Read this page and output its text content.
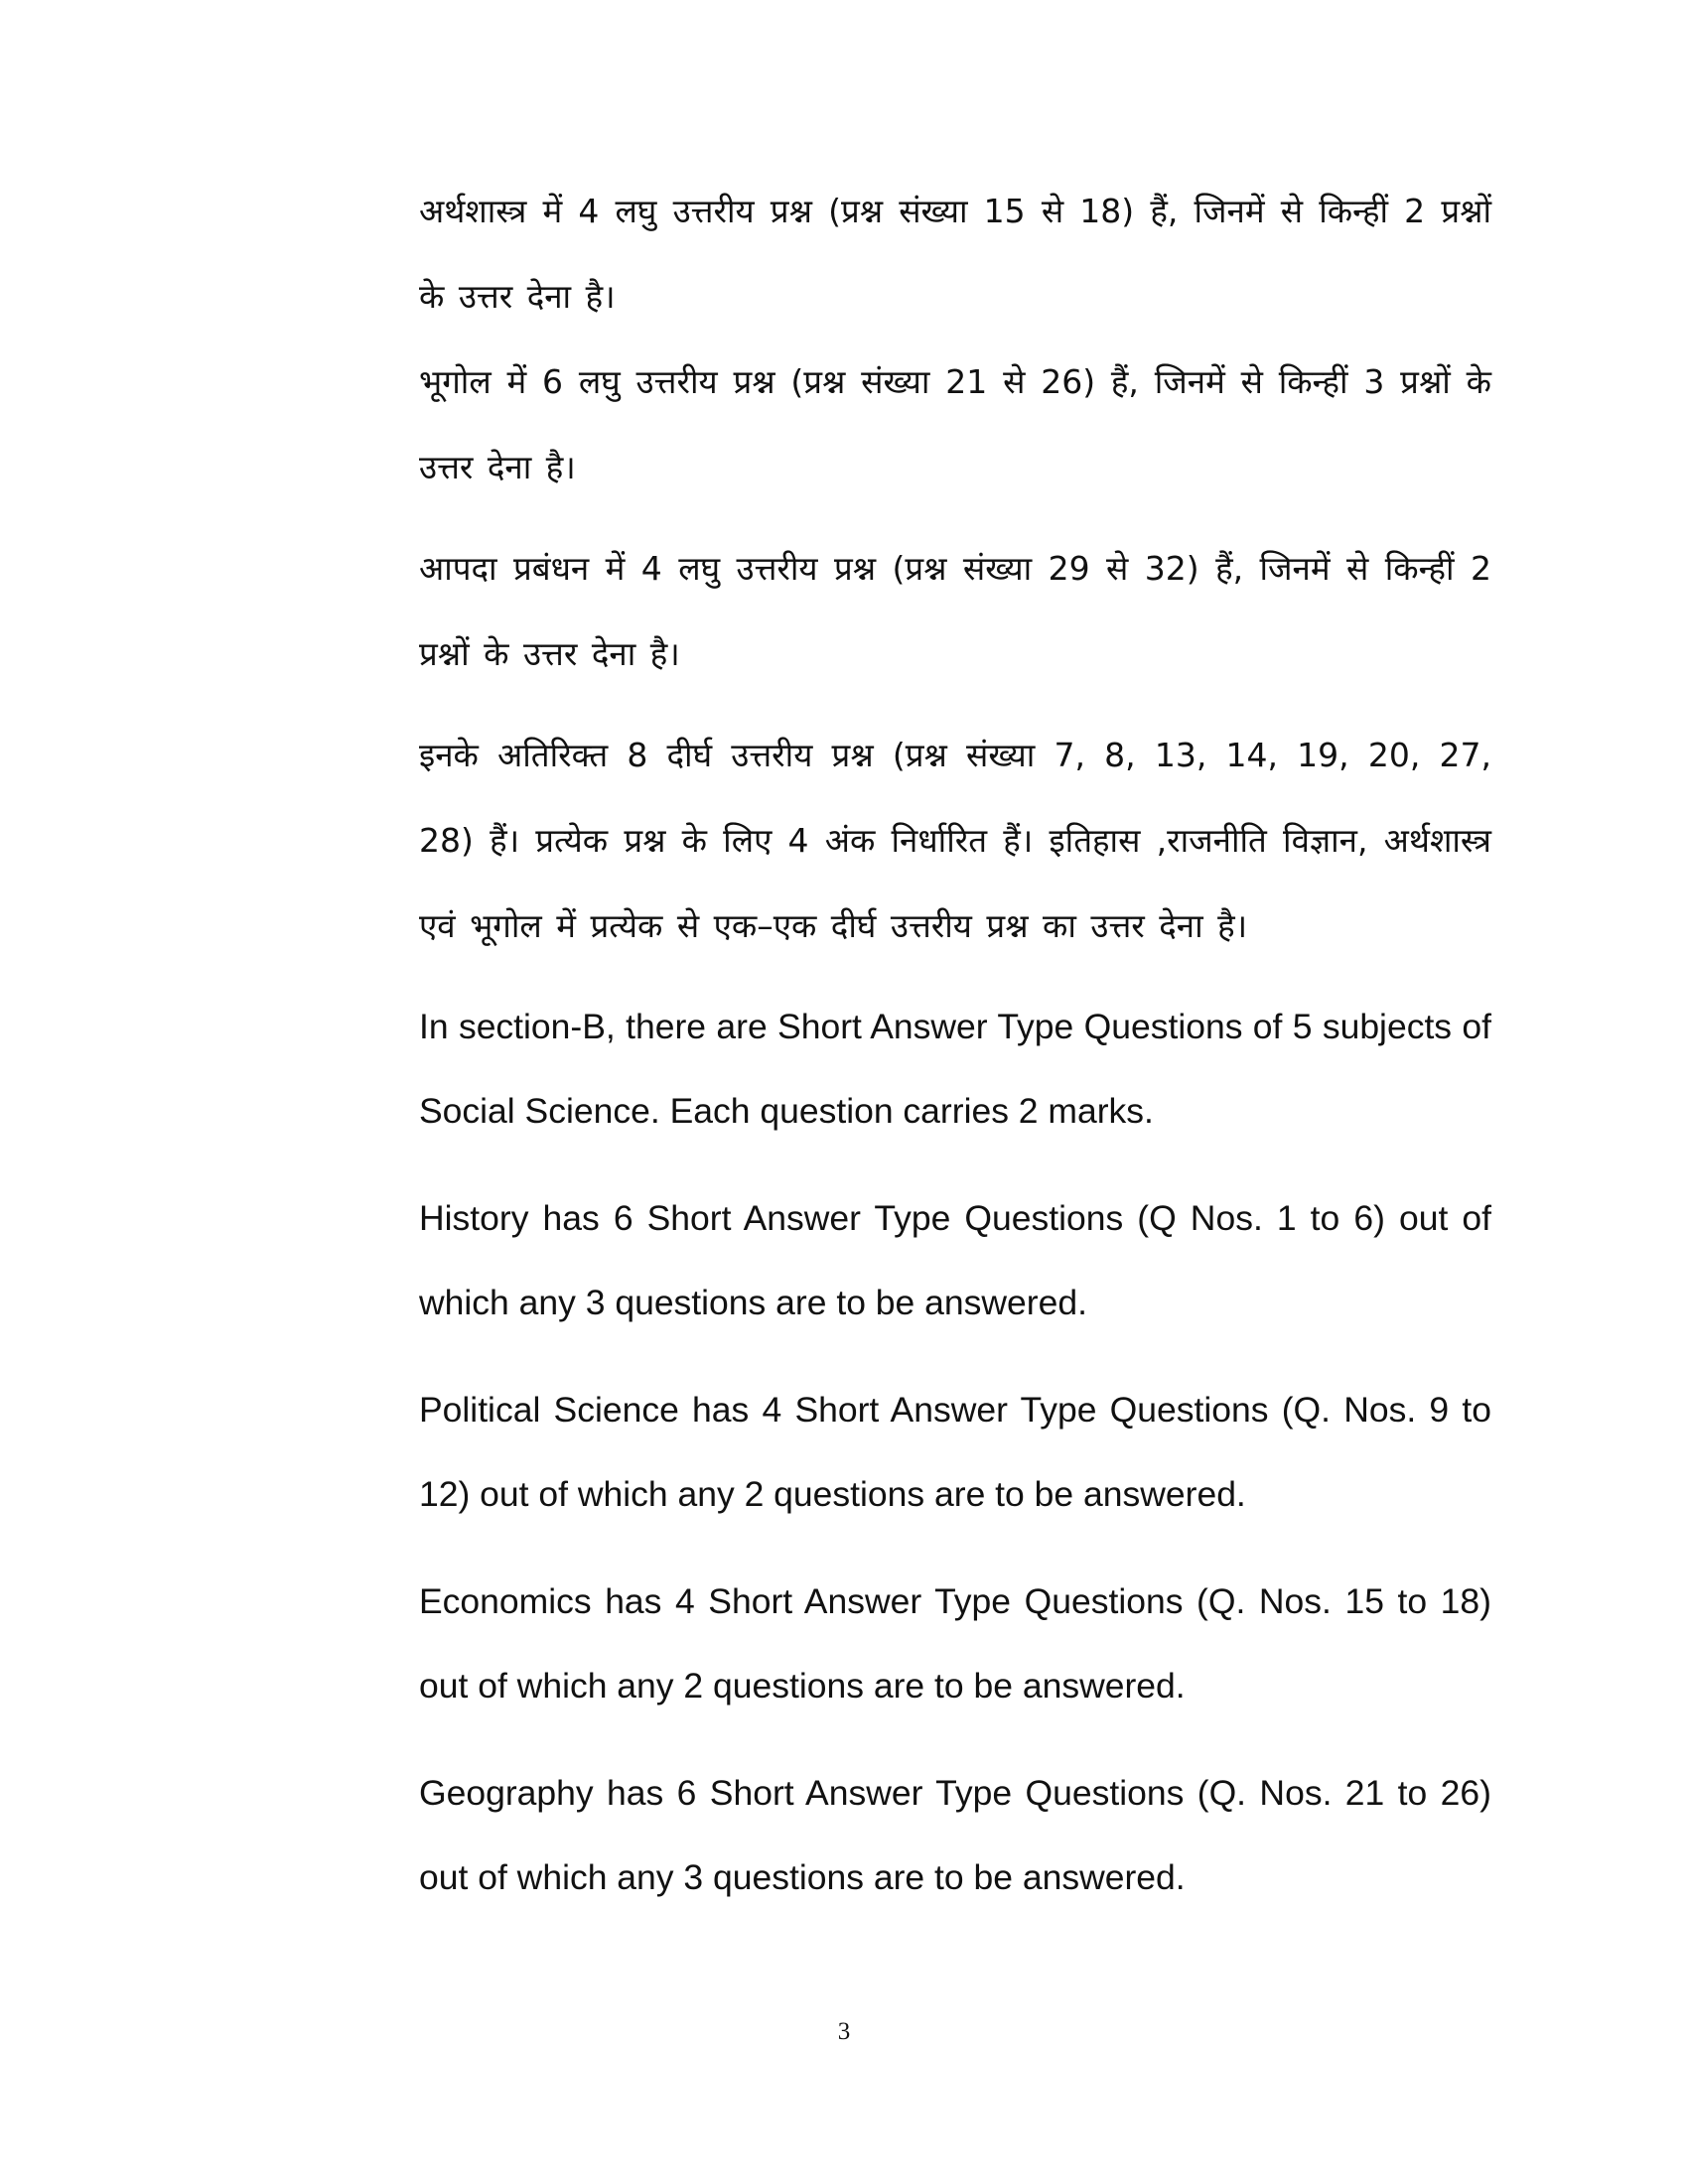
अर्थशास्त्र में 4 लघु उत्तरीय प्रश्न (प्रश्न संख्या 15 से 18) हैं, जिनमें से किन्हीं 2 प्रश्नों के उत्तर देना है।

भूगोल में 6 लघु उत्तरीय प्रश्न (प्रश्न संख्या 21 से 26) हैं, जिनमें से किन्हीं 3 प्रश्नों के उत्तर देना है।

आपदा प्रबंधन में 4 लघु उत्तरीय प्रश्न (प्रश्न संख्या 29 से 32) हैं, जिनमें से किन्हीं 2 प्रश्नों के उत्तर देना है।

इनके अतिरिक्त 8 दीर्घ उत्तरीय प्रश्न (प्रश्न संख्या 7, 8, 13, 14, 19, 20, 27, 28) हैं। प्रत्येक प्रश्न के लिए 4 अंक निर्धारित हैं। इतिहास ,राजनीति विज्ञान, अर्थशास्त्र एवं भूगोल में प्रत्येक से एक–एक दीर्घ उत्तरीय प्रश्न का उत्तर देना है।

In section-B, there are Short Answer Type Questions of 5 subjects of Social Science. Each question carries 2 marks.

History has 6 Short Answer Type Questions (Q Nos. 1 to 6) out of which any 3 questions are to be answered.

Political Science has 4 Short Answer Type Questions (Q. Nos. 9 to 12) out of which any 2 questions are to be answered.

Economics has 4 Short Answer Type Questions (Q. Nos. 15 to 18) out of which any 2 questions are to be answered.

Geography has 6 Short Answer Type Questions (Q. Nos. 21 to 26) out of which any 3 questions are to be answered.

3
